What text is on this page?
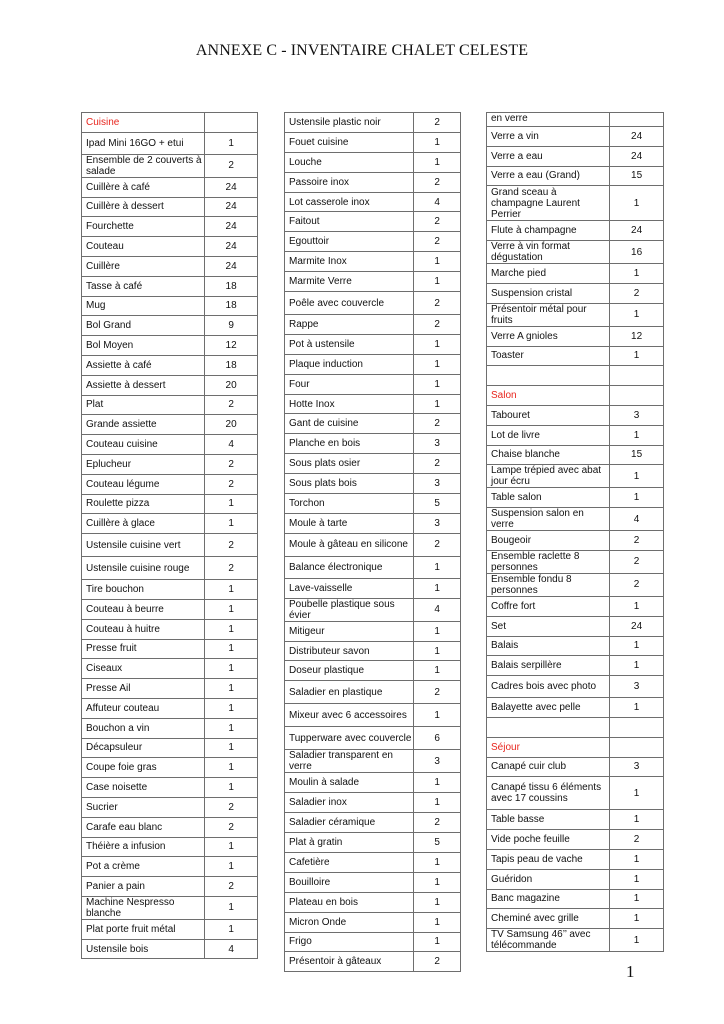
ANNEXE C - INVENTAIRE CHALET CELESTE
Cuisine	
Ipad Mini 16GO + etui	1
Ensemble de 2 couverts à salade	2
Cuillère à café	24
Cuillère à dessert	24
Fourchette	24
Couteau	24
Cuillère	24
Tasse à café	18
Mug	18
Bol Grand	9
Bol Moyen	12
Assiette à café	18
Assiette à dessert	20
Plat	2
Grande assiette	20
Couteau cuisine	4
Eplucheur	2
Couteau légume	2
Roulette pizza	1
Cuillère à glace	1
Ustensile cuisine vert	2
Ustensile cuisine rouge	2
Tire bouchon	1
Couteau à beurre	1
Couteau à huitre	1
Presse fruit	1
Ciseaux	1
Presse Ail	1
Affuteur couteau	1
Bouchon a vin	1
Décapsuleur	1
Coupe foie gras	1
Case noisette	1
Sucrier	2
Carafe eau blanc	2
Théière a infusion	1
Pot a crème	1
Panier a pain	2
Machine Nespresso blanche	1
Plat porte fruit métal	1
Ustensile bois	4
Ustensile plastic noir	2
Fouet cuisine	1
Louche	1
Passoire inox	2
Lot casserole inox	4
Faitout	2
Egouttoir	2
Marmite Inox	1
Marmite Verre	1
Poêle avec couvercle	2
Rappe	2
Pot à ustensile	1
Plaque induction	1
Four	1
Hotte Inox	1
Gant de cuisine	2
Planche en bois	3
Sous plats osier	2
Sous plats bois	3
Torchon	5
Moule à tarte	3
Moule à gâteau en silicone	2
Balance électronique	1
Lave-vaisselle	1
Poubelle plastique sous évier	4
Mitigeur	1
Distributeur savon	1
Doseur plastique	1
Saladier en plastique	2
Mixeur avec 6 accessoires	1
Tupperware avec couvercle	6
Saladier transparent en verre	3
Moulin à salade	1
Saladier inox	1
Saladier céramique	2
Plat à gratin	5
Cafetière	1
Bouilloire	1
Plateau en bois	1
Micron Onde	1
Frigo	1
Présentoir à gâteaux	2
en verre	
Verre a vin	24
Verre a eau	24
Verre a eau (Grand)	15
Grand sceau à champagne Laurent Perrier	1
Flute à champagne	24
Verre à vin format dégustation	16
Marche pied	1
Suspension cristal	2
Présentoir métal pour fruits	1
Verre A gnioles	12
Toaster	1

Salon	
Tabouret	3
Lot de livre	1
Chaise blanche	15
Lampe trépied avec abat jour écru	1
Table salon	1
Suspension salon en verre	4
Bougeoir	2
Ensemble raclette 8 personnes	2
Ensemble fondu 8 personnes	2
Coffre fort	1
Set	24
Balais	1
Balais serpillère	1
Cadres bois avec photo	3
Balayette avec pelle	1

Séjour	
Canapé cuir club	3
Canapé tissu 6 éléments avec 17 coussins	1
Table basse	1
Vide poche feuille	2
Tapis peau de vache	1
Guéridon	1
Banc magazine	1
Cheminé avec grille	1
TV Samsung 46’’ avec télécommande	1
1
